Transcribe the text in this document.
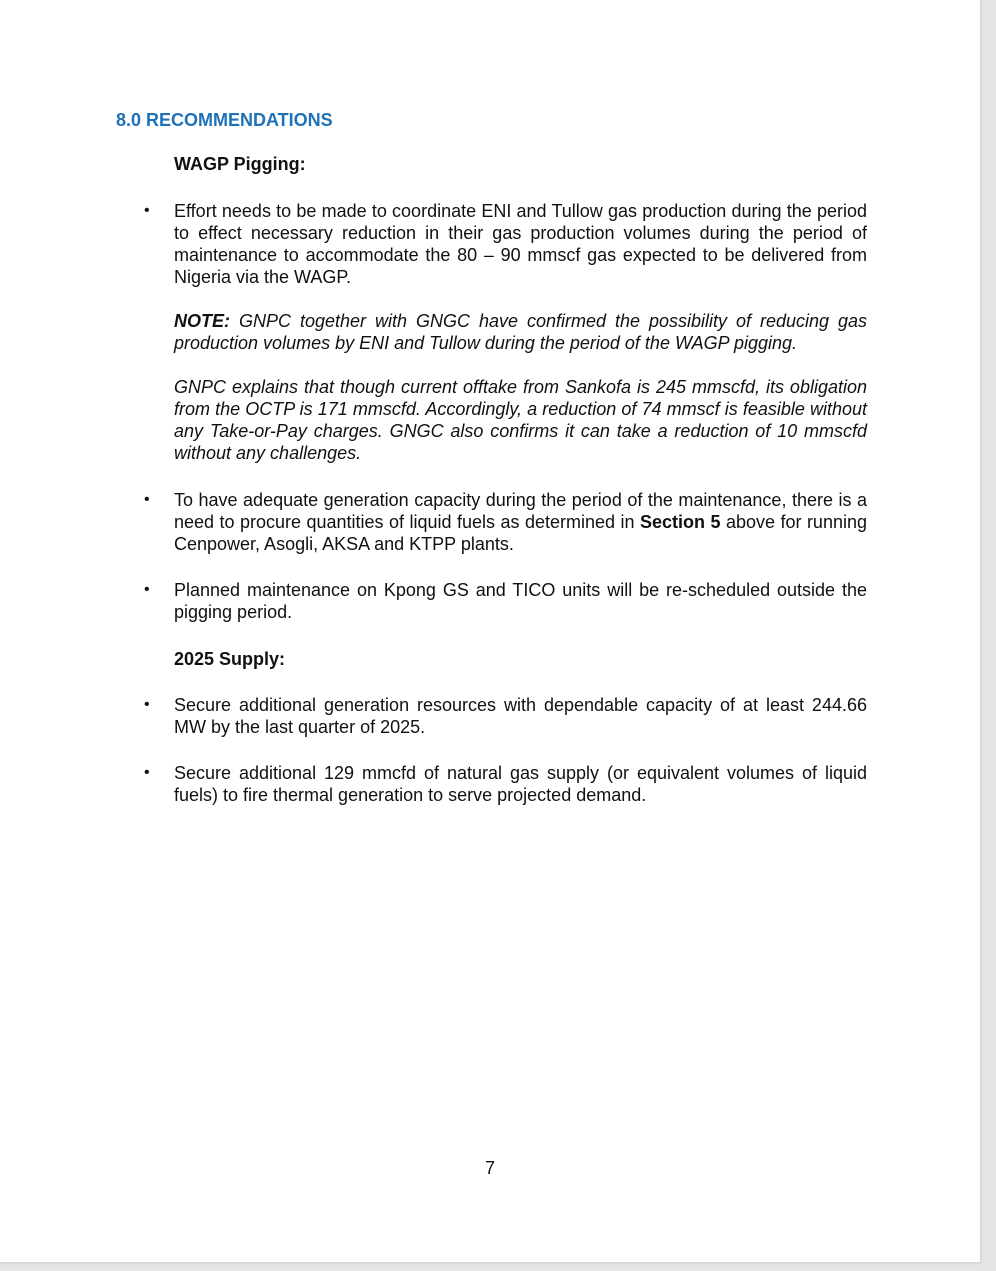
8.0 RECOMMENDATIONS
WAGP Pigging:
•	Effort needs to be made to coordinate ENI and Tullow gas production during the period to effect necessary reduction in their gas production volumes during the period of maintenance to accommodate the 80 – 90 mmscf gas expected to be delivered from Nigeria via the WAGP.

NOTE: GNPC together with GNGC have confirmed the possibility of reducing gas production volumes by ENI and Tullow during the period of the WAGP pigging.

GNPC explains that though current offtake from Sankofa is 245 mmscfd, its obligation from the OCTP is 171 mmscfd. Accordingly, a reduction of 74 mmscf is feasible without any Take-or-Pay charges. GNGC also confirms it can take a reduction of 10 mmscfd without any challenges.

•	To have adequate generation capacity during the period of the maintenance, there is a need to procure quantities of liquid fuels as determined in Section 5 above for running Cenpower, Asogli, AKSA and KTPP plants.

•	Planned maintenance on Kpong GS and TICO units will be re-scheduled outside the pigging period.

2025 Supply:
•	Secure additional generation resources with dependable capacity of at least 244.66 MW by the last quarter of 2025.

•	Secure additional 129 mmcfd of natural gas supply (or equivalent volumes of liquid fuels) to fire thermal generation to serve projected demand.

7
